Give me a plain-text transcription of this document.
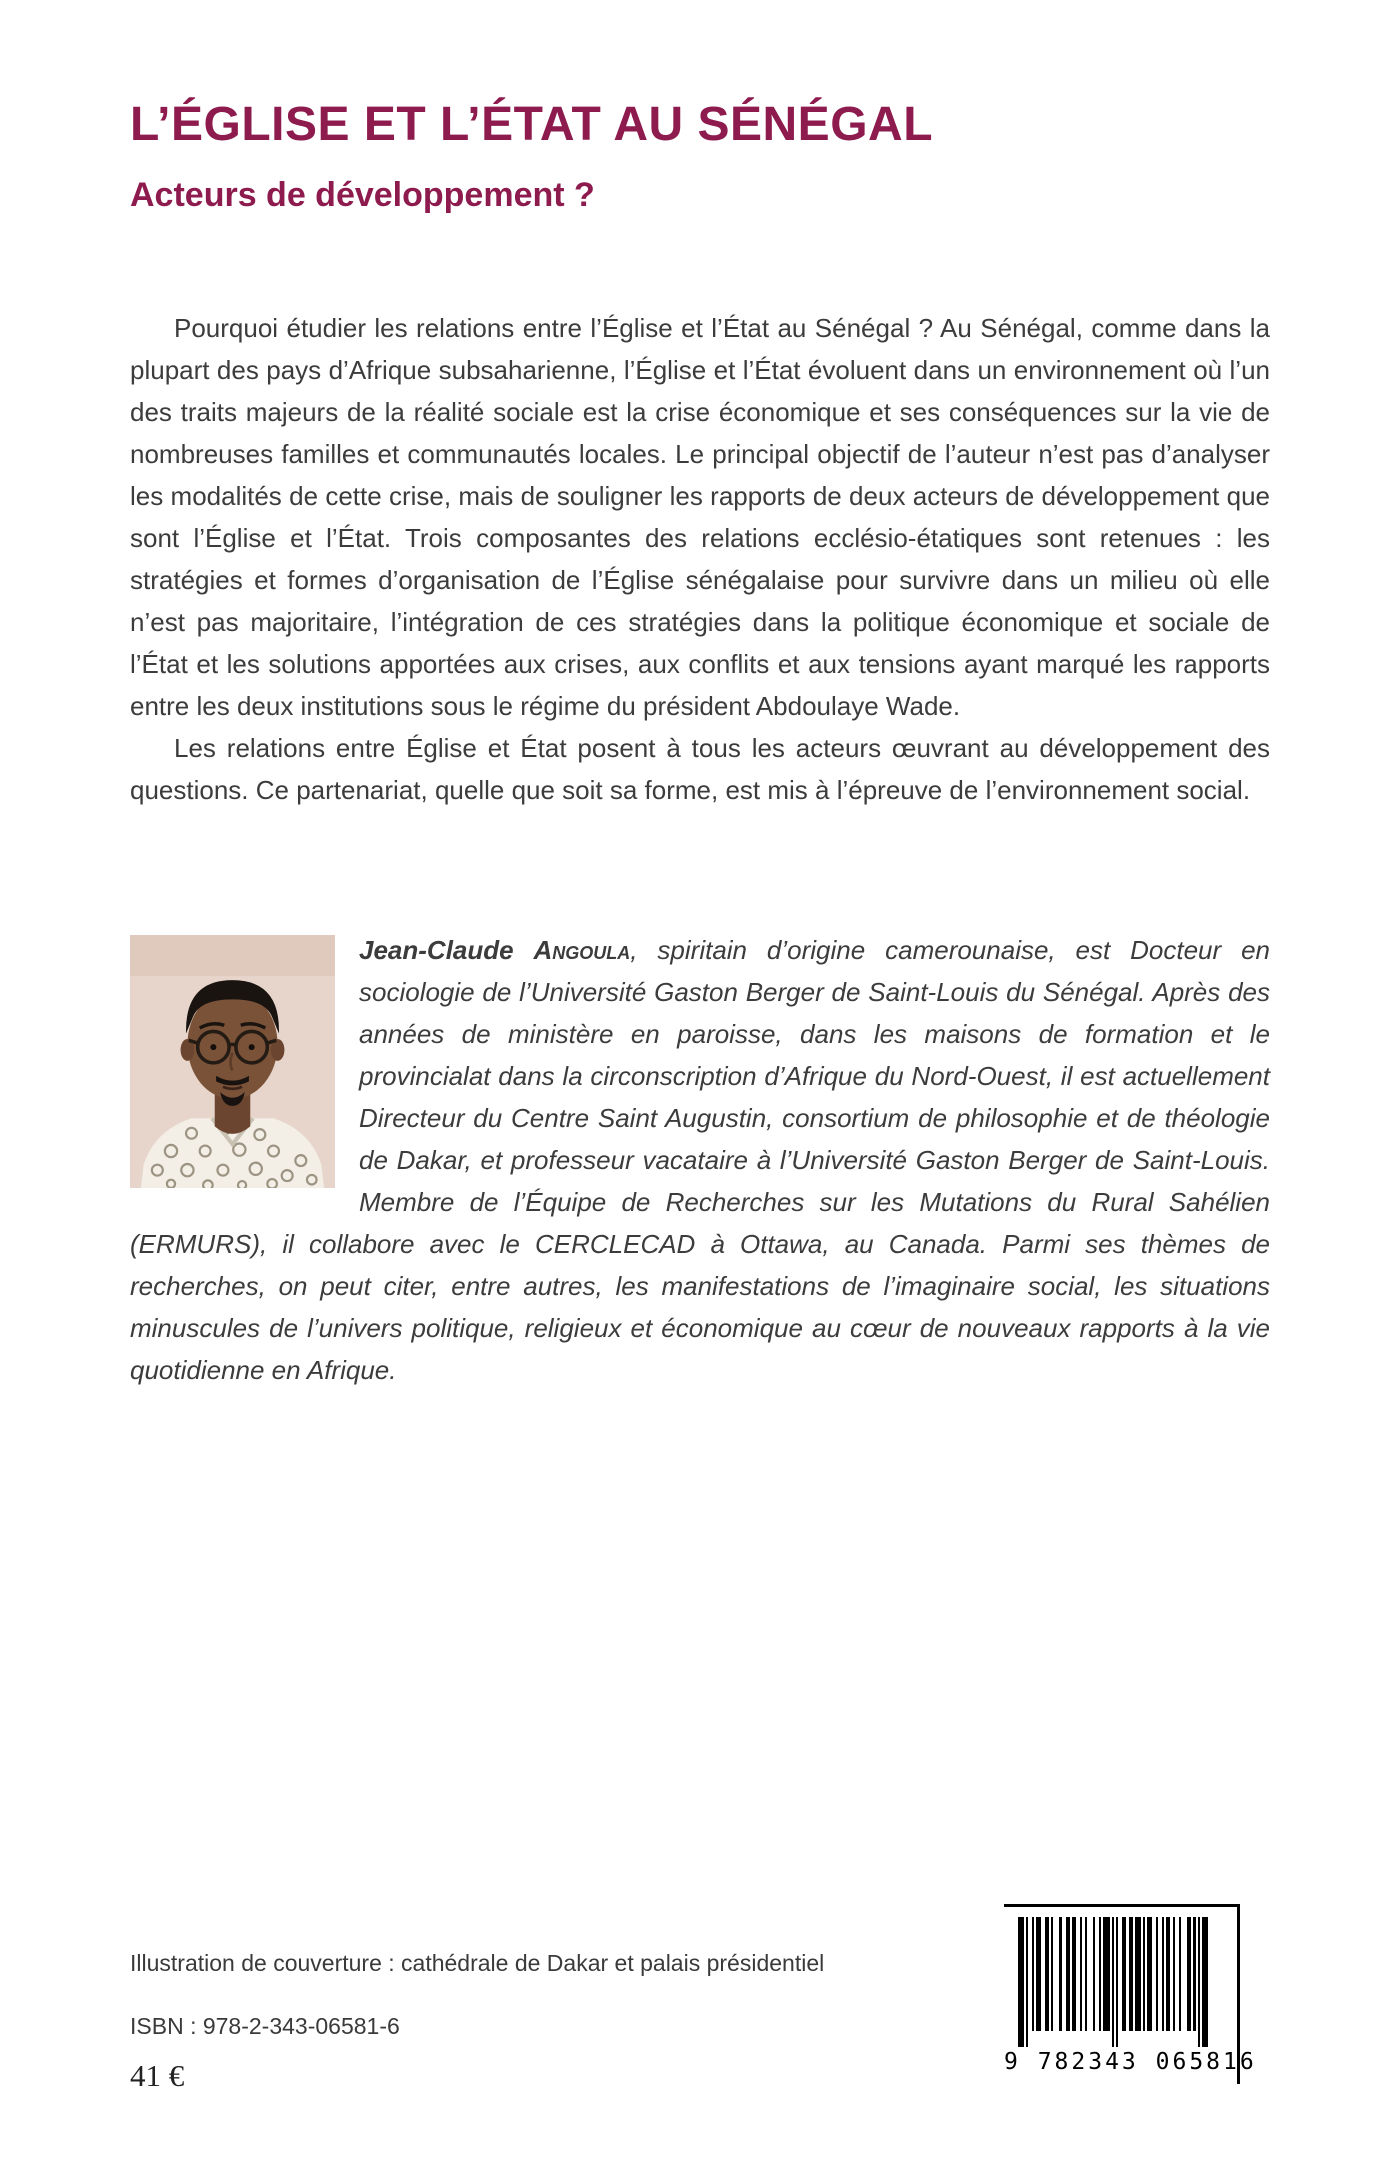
L’ÉGLISE ET L’ÉTAT AU SÉNÉGAL
Acteurs de développement ?

Pourquoi étudier les relations entre l’Église et l’État au Sénégal ? Au Sénégal, comme dans la plupart des pays d’Afrique subsaharienne, l’Église et l’État évoluent dans un environnement où l’un des traits majeurs de la réalité sociale est la crise économique et ses conséquences sur la vie de nombreuses familles et communautés locales. Le principal objectif de l’auteur n’est pas d’analyser les modalités de cette crise, mais de souligner les rapports de deux acteurs de développement que sont l’Église et l’État. Trois composantes des relations ecclésio-étatiques sont retenues : les stratégies et formes d’organisation de l’Église sénégalaise pour survivre dans un milieu où elle n’est pas majoritaire, l’intégration de ces stratégies dans la politique économique et sociale de l’État et les solutions apportées aux crises, aux conflits et aux tensions ayant marqué les rapports entre les deux institutions sous le régime du président Abdoulaye Wade.

Les relations entre Église et État posent à tous les acteurs œuvrant au développement des questions. Ce partenariat, quelle que soit sa forme, est mis à l’épreuve de l’environnement social.

Jean-Claude Angoula, spiritain d’origine camerounaise, est Docteur en sociologie de l’Université Gaston Berger de Saint-Louis du Sénégal. Après des années de ministère en paroisse, dans les maisons de formation et le provincialat dans la circonscription d’Afrique du Nord-Ouest, il est actuellement Directeur du Centre Saint Augustin, consortium de philosophie et de théologie de Dakar, et professeur vacataire à l’Université Gaston Berger de Saint-Louis. Membre de l’Équipe de Recherches sur les Mutations du Rural Sahélien (ERMURS), il collabore avec le CERCLECAD à Ottawa, au Canada. Parmi ses thèmes de recherches, on peut citer, entre autres, les manifestations de l’imaginaire social, les situations minuscules de l’univers politique, religieux et économique au cœur de nouveaux rapports à la vie quotidienne en Afrique.

Illustration de couverture : cathédrale de Dakar et palais présidentiel
ISBN : 978-2-343-06581-6
41 €	9 782343 065816
